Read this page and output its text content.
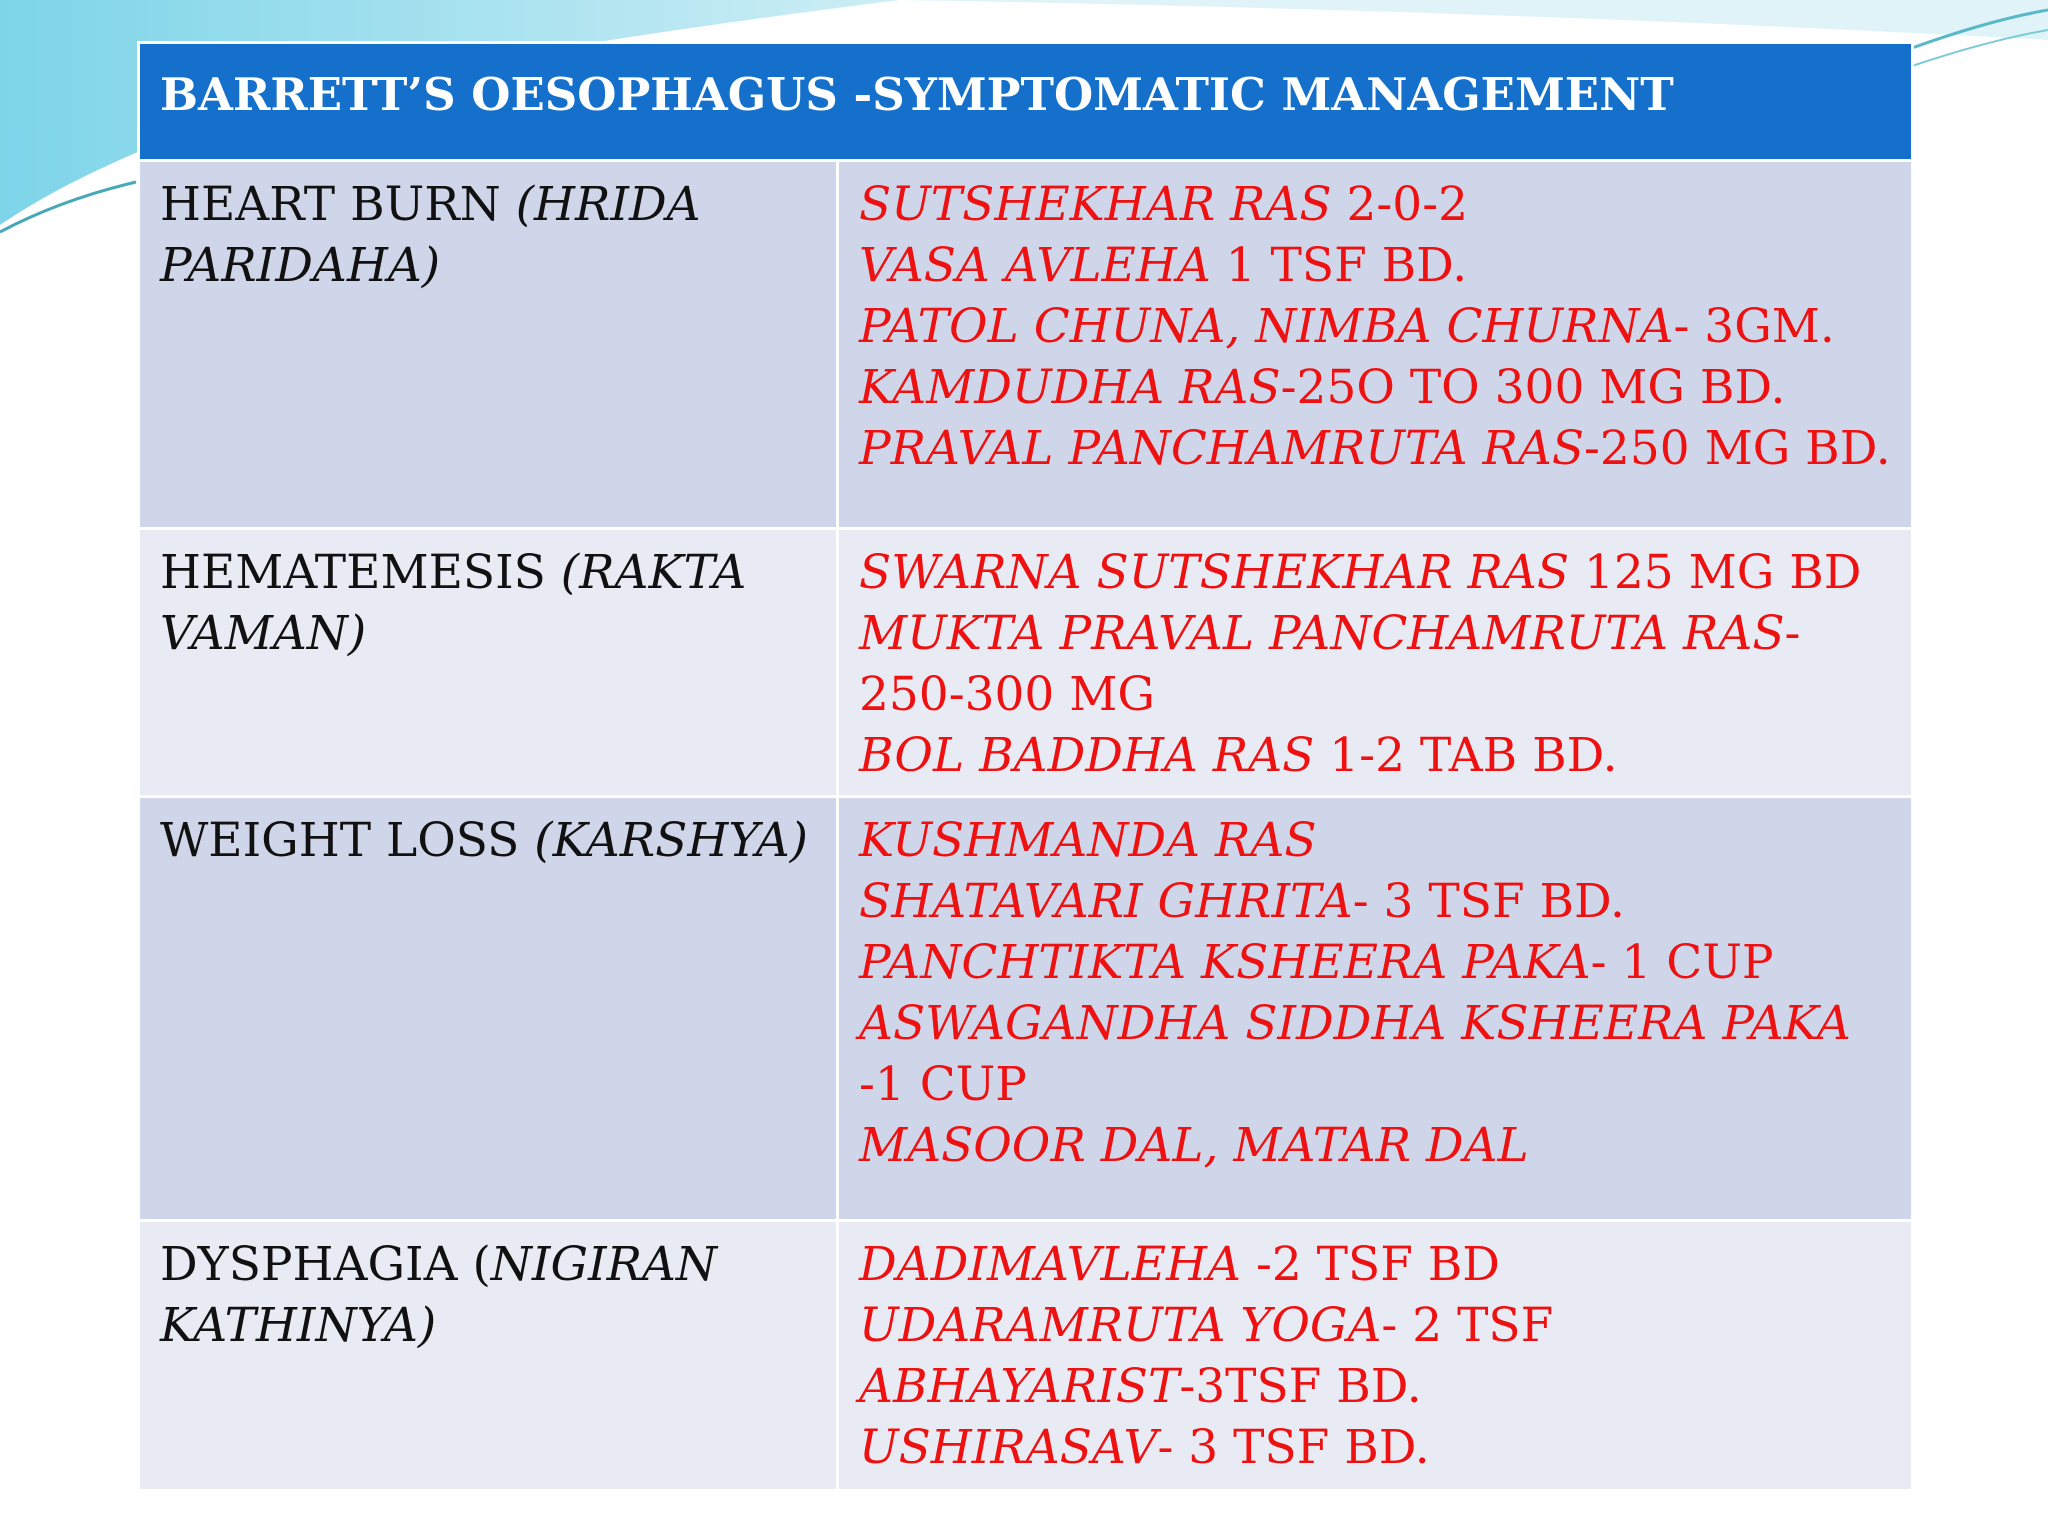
BARRETT’S OESOPHAGUS -SYMPTOMATIC MANAGEMENT	
HEART BURN (HRIDA PARIDAHA)	SUTSHEKHAR RAS 2-0-2
VASA AVLEHA 1 TSF BD.
PATOL CHUNA, NIMBA CHURNA- 3GM.
KAMDUDHA RAS-25O TO 300 MG BD.
PRAVAL PANCHAMRUTA RAS-250 MG BD.

HEMATEMESIS (RAKTA VAMAN)	SWARNA SUTSHEKHAR RAS 125 MG BD
MUKTA PRAVAL PANCHAMRUTA RAS-250-300 MG
BOL BADDHA RAS 1-2 TAB BD.

WEIGHT LOSS (KARSHYA)	KUSHMANDA RAS
SHATAVARI GHRITA- 3 TSF BD.
PANCHTIKTA KSHEERA PAKA- 1 CUP
ASWAGANDHA SIDDHA KSHEERA PAKA -1 CUP
MASOOR DAL, MATAR DAL

DYSPHAGIA (NIGIRAN KATHINYA)	DADIMAVLEHA -2 TSF BD
UDARAMRUTA YOGA- 2 TSF
ABHAYARIST-3TSF BD.
USHIRASAV- 3 TSF BD.
